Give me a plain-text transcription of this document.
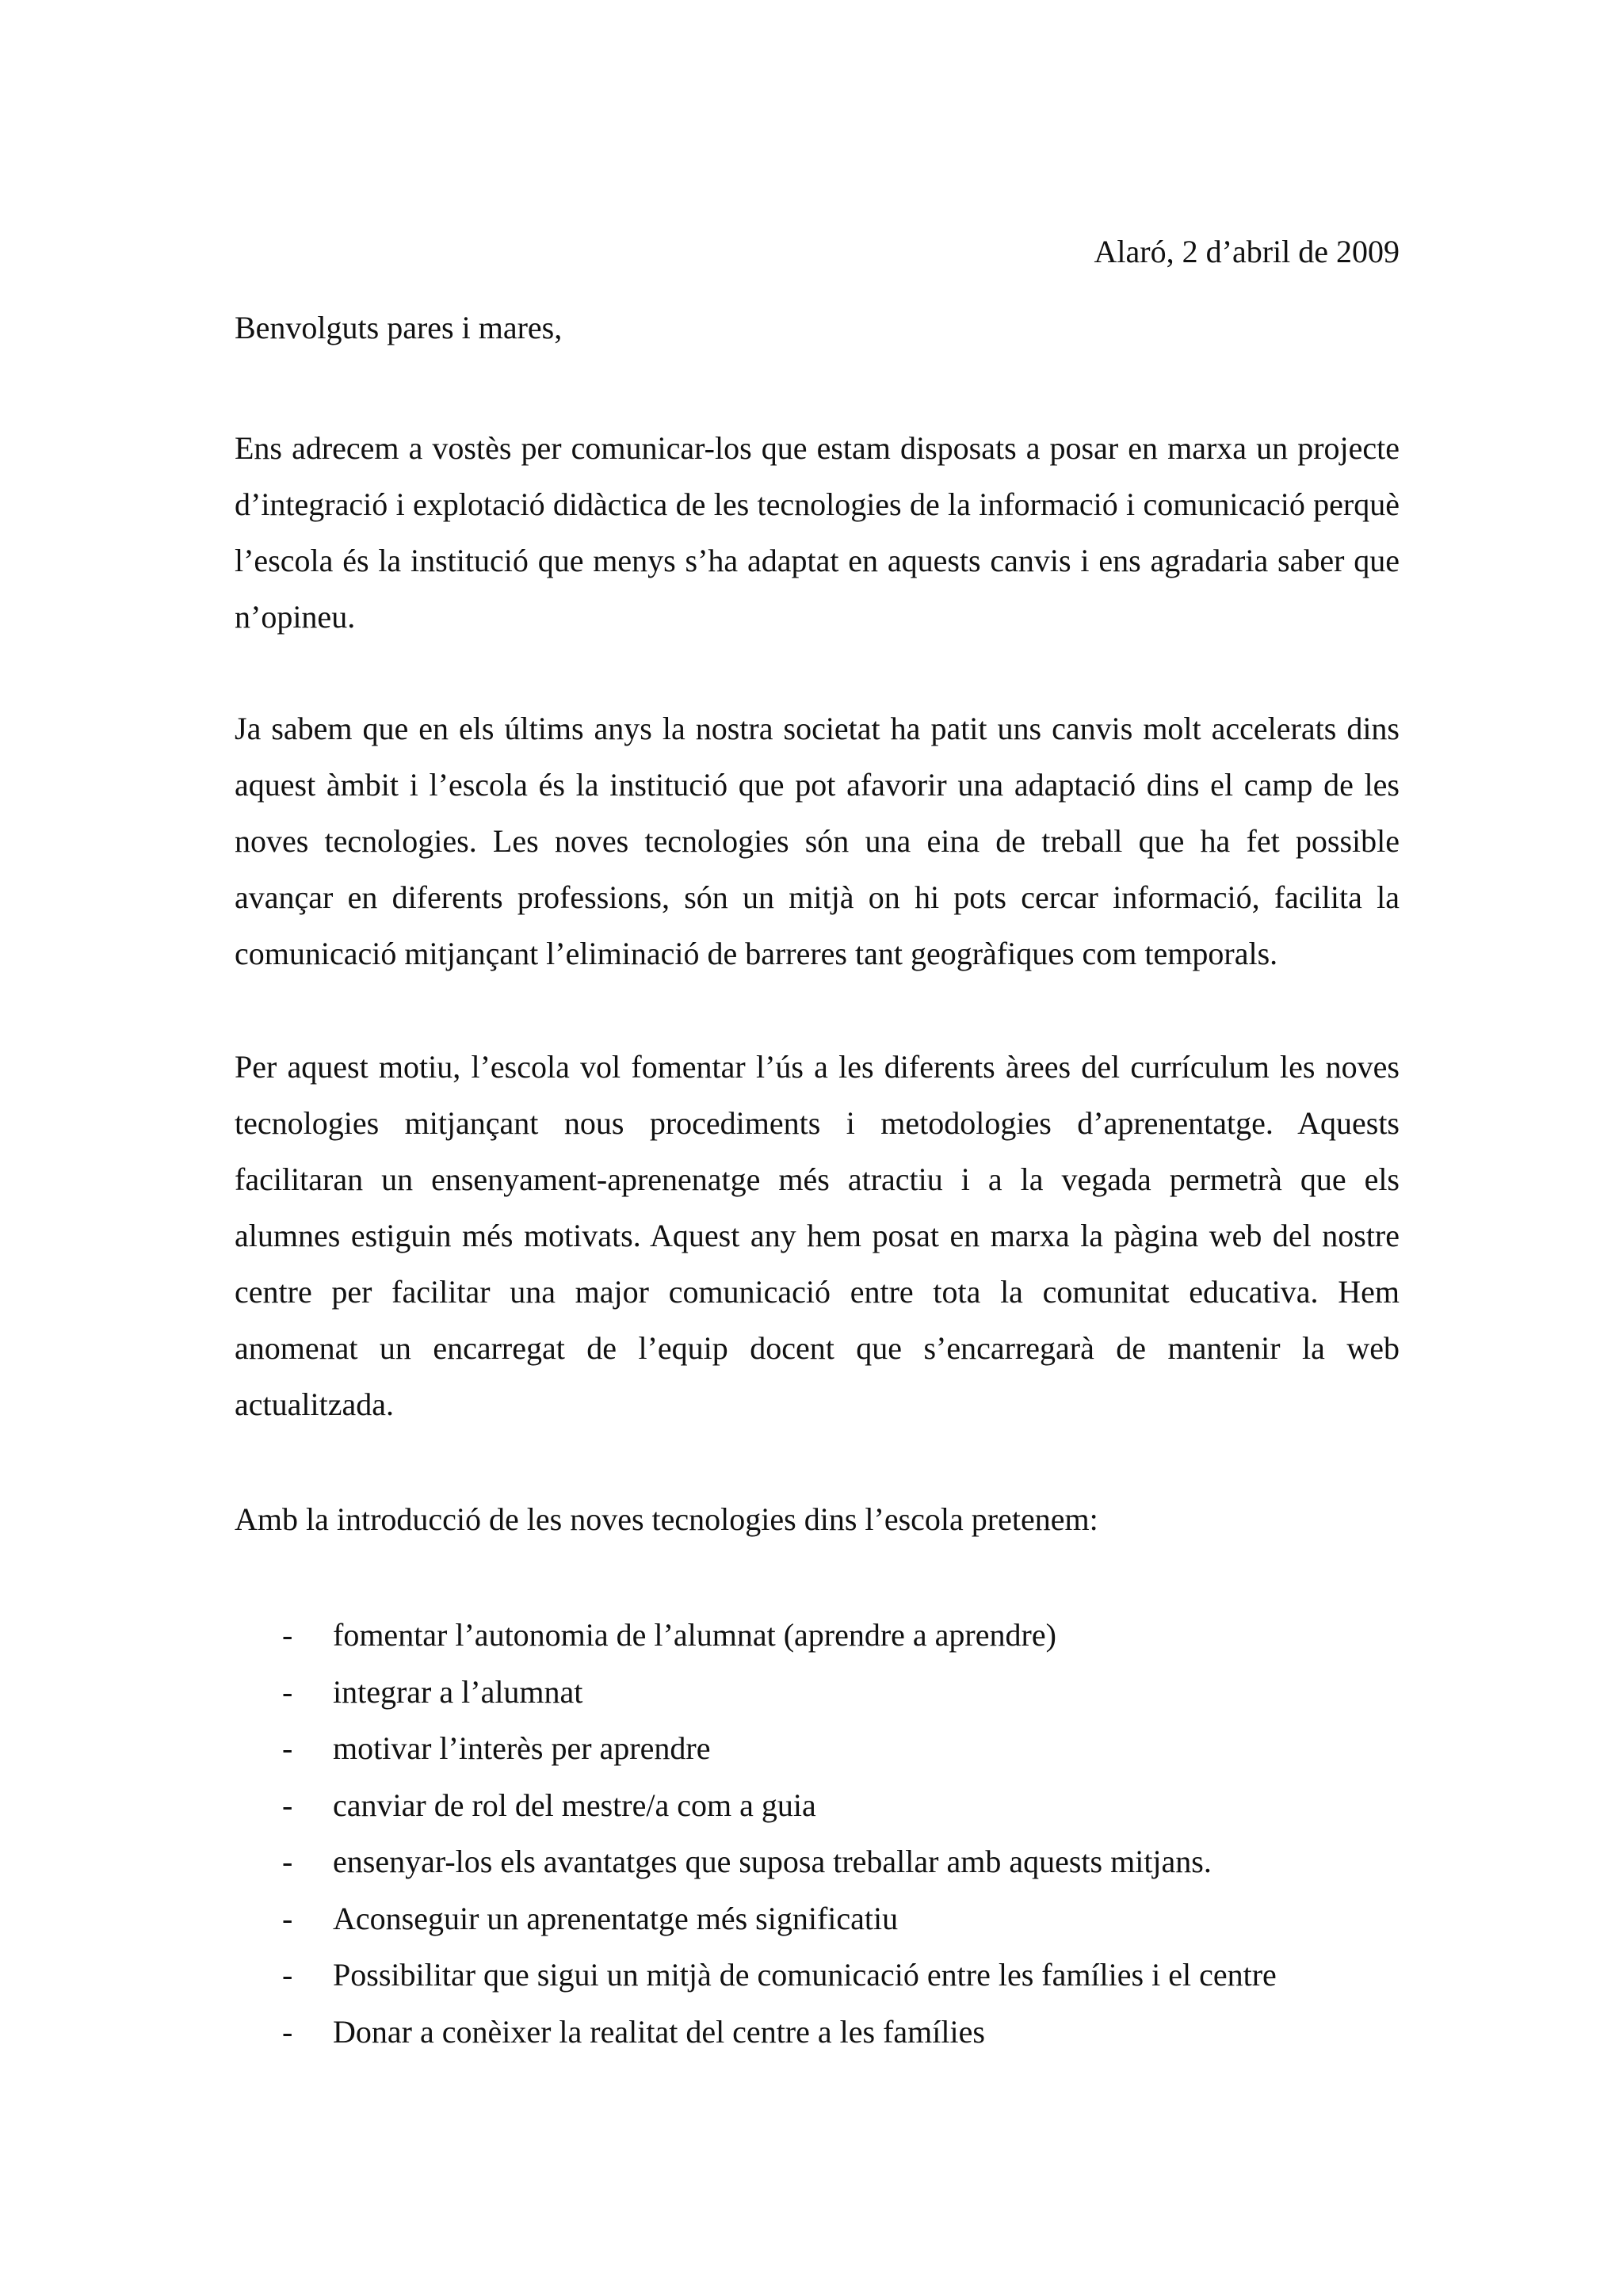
Alaró, 2 d’abril de 2009
Benvolguts pares i mares,

Ens adrecem a vostès per comunicar-los que estam disposats a posar en marxa un projecte d’integració i explotació didàctica de les tecnologies de la informació i comunicació perquè l’escola és la institució que menys s’ha adaptat en aquests canvis i ens agradaria saber que n’opineu.

Ja sabem que en els últims anys la nostra societat ha patit uns canvis molt accelerats dins aquest àmbit i l’escola és la institució que pot afavorir una adaptació dins el camp de les noves tecnologies. Les noves tecnologies són una eina de treball que ha fet possible avançar en diferents professions, són un mitjà on hi pots cercar informació, facilita la comunicació mitjançant l’eliminació de barreres tant geogràfiques com temporals.

Per aquest motiu, l’escola vol fomentar l’ús a les diferents àrees del currículum les noves tecnologies mitjançant nous procediments i metodologies d’aprenentatge. Aquests facilitaran un ensenyament-aprenenatge més atractiu i a la vegada permetrà que els alumnes estiguin més motivats. Aquest any hem posat en marxa la pàgina web del nostre centre per facilitar una major comunicació entre tota la comunitat educativa. Hem anomenat un encarregat de l’equip docent que s’encarregarà de mantenir la web actualitzada.

Amb la introducció de les noves tecnologies dins l’escola pretenem:
- fomentar l’autonomia de l’alumnat (aprendre a aprendre)
- integrar a l’alumnat
- motivar l’interès per aprendre
- canviar de rol del mestre/a com a guia
- ensenyar-los els avantatges que suposa treballar amb aquests mitjans.
- Aconseguir un aprenentatge més significatiu
- Possibilitar que sigui un mitjà de comunicació entre les famílies i el centre
- Donar a conèixer la realitat del centre a les famílies
